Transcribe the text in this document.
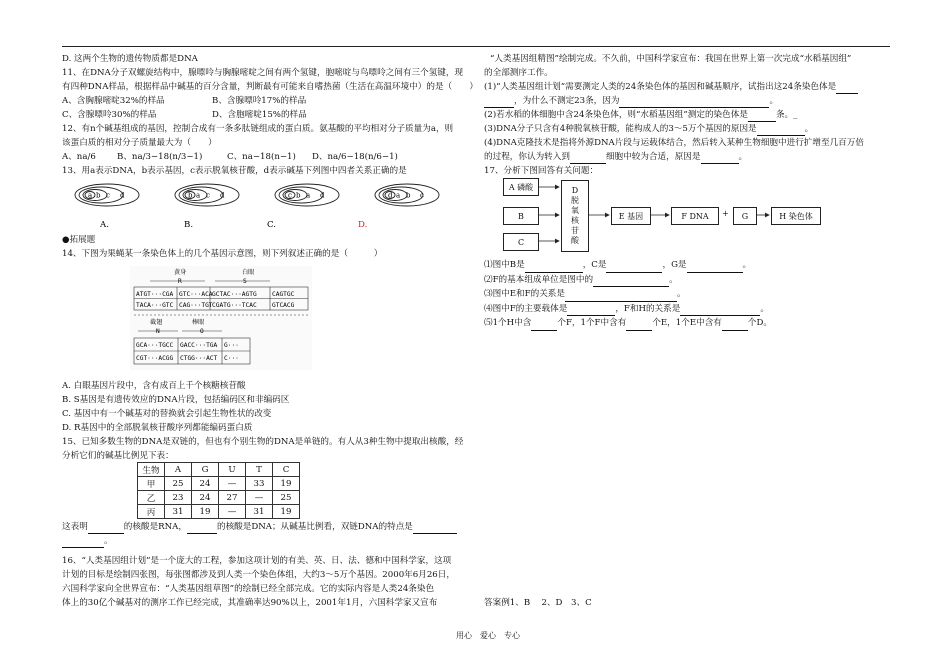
D. 这两个生物的遗传物质都是DNA

11、在DNA分子双螺旋结构中，腺嘌呤与胸腺嘧啶之间有两个氢键，胞嘧啶与鸟嘌呤之间有三个氢键，现

有四种DNA样品，根据样品中碱基的百分含量，判断最有可能来自嗜热菌（生活在高温环境中）的是（　　）

A、含胸腺嘧啶32%的样品	B、含腺嘌呤17%的样品

C、含腺嘌呤30%的样品	D、含胞嘧啶15%的样品

12、有n个碱基组成的基因，控制合成有一条多肽链组成的蛋白质。氨基酸的平均相对分子质量为a，则

该蛋白质的相对分子质量最大为（　　）

A、na/6 B、na/3−18(n/3−1)	C、na−18(n−1) D、na/6−18(n/6−1)

13、用a表示DNA，b表示基因，c表示脱氧核苷酸，d表示碱基下列图中四者关系正确的是

a b c d	b a c d	c b a d	d a b c
A.	B.	C.	D.

●拓展题

14、下图为果蝇某一条染色体上的几个基因示意图，则下列叙述正确的是（　　　）

黄身	白眼
R	S
ATGT···CGA GTC···ACA GCTAC···AGTG CAGTGC
TACA···GTC CAG···TGT CGATG···TCAC GTCACG
截翅	棒眼
N	O
GCA···TGCC GACC···TGA G···
CGT···ACGG CTGG···ACT C···

A. 白眼基因片段中，含有成百上千个核糖核苷酸

B. S基因是有遗传效应的DNA片段，包括编码区和非编码区

C. 基因中有一个碱基对的替换就会引起生物性状的改变

D. R基因中的全部脱氧核苷酸序列都能编码蛋白质

15、已知多数生物的DNA是双链的，但也有个别生物的DNA是单链的。有人从3种生物中提取出核酸，经

分析它们的碱基比例见下表：

生物	A	G	U	T	C
甲	25	24	—	33	19
乙	23	24	27	—	25
丙	31	19	—	31	19

这表明	的核酸是RNA，	的核酸是DNA；从碱基比例看，双链DNA的特点是

。

16、“人类基因组计划”是一个庞大的工程，参加这项计划的有美、英、日、法、德和中国科学家，这项

计划的目标是绘制四张图，每张图都涉及到人类一个染色体组，大约3～5万个基因。2000年6月26日，

六国科学家向全世界宣布：“人类基因组草图”的绘制已经全部完成。它的实际内容是人类24条染色

体上的30亿个碱基对的测序工作已经完成，其准确率达90%以上，2001年1月，六国科学家又宣布

“人类基因组精图”绘制完成。不久前，中国科学家宣布：我国在世界上第一次完成“水稻基因组”

的全部测序工作。

(1)“人类基因组计划”需要测定人类的24条染色体的基因和碱基顺序，试指出这24条染色体是

，为什么不测定23条，因为	。

(2)若水稻的体细胞中含24条染色体，则“水稻基因组”测定的染色体是	条。_

(3)DNA分子只含有4种脱氧核苷酸，能构成人的3～5万个基因的原因是	。

(4)DNA克隆技术是指将外源DNA片段与运载体结合，然后转入某种生物细胞中进行扩增至几百万倍

的过程，你认为转入到	细胞中较为合适，原因是	。

17、分析下图回答有关问题：

A 磷酸
B
C
D
脱
氧
核
苷
酸
E 基因	F DNA	+	G	H 染色体

⑴图中B是	，C是	，G是	。

⑵F的基本组成单位是图中的	。

⑶图中E和F的关系是	。

⑷图中F的主要载体是	，F和H的关系是	。

⑸1个H中含	个F，1个F中含有	个E，1个E中含有	个D。

答案例1、B　 2、D　3、C
用心　爱心　专心
